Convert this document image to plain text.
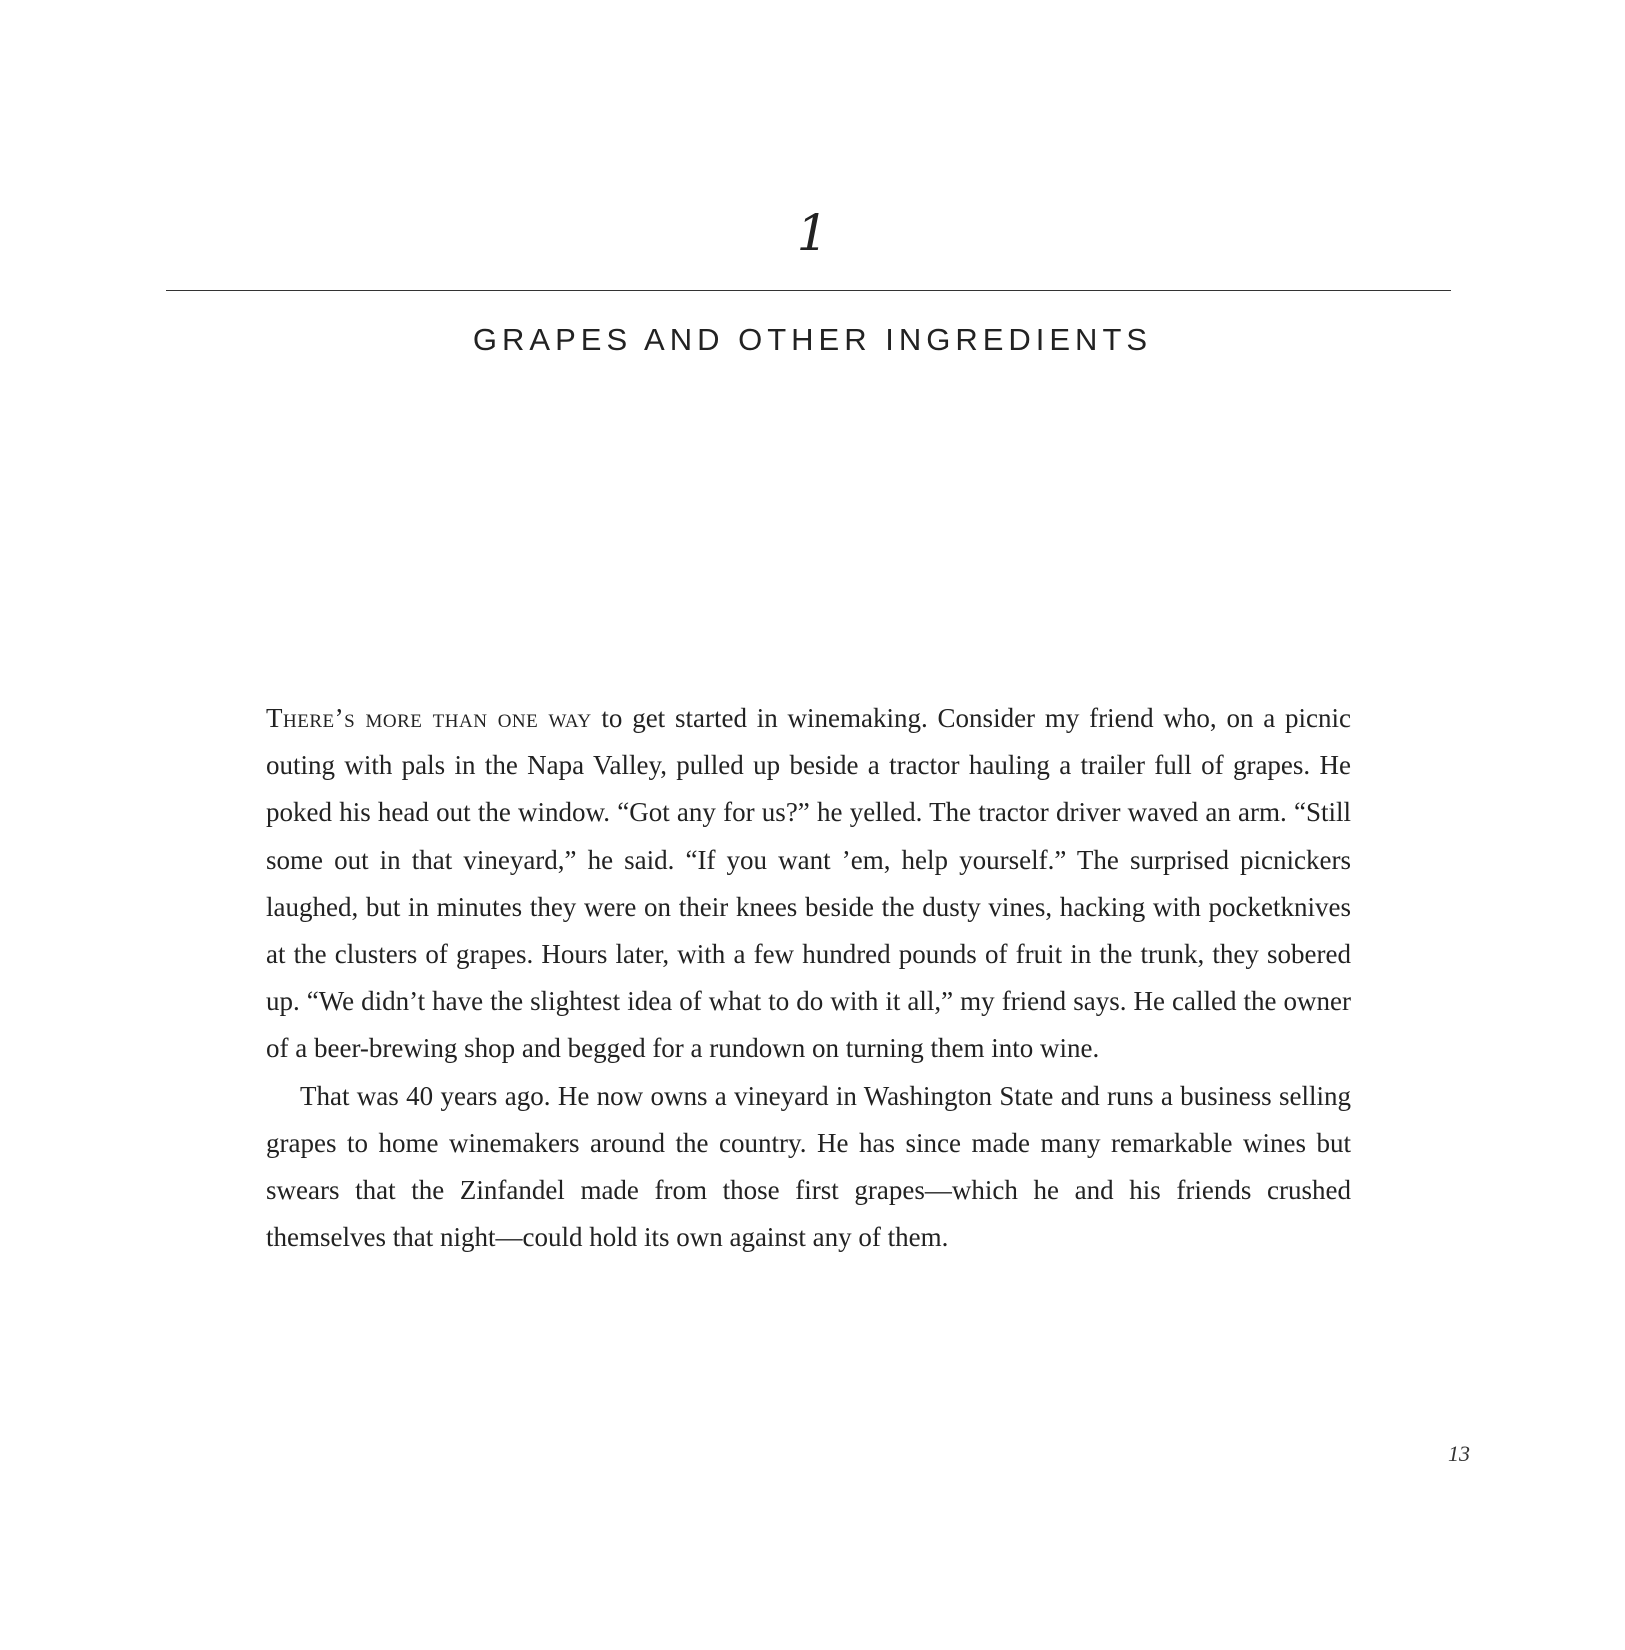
1
GRAPES AND OTHER INGREDIENTS

There’s more than one way to get started in winemaking. Consider my friend who, on a picnic outing with pals in the Napa Valley, pulled up beside a tractor hauling a trailer full of grapes. He poked his head out the window. “Got any for us?” he yelled. The tractor driver waved an arm. “Still some out in that vineyard,” he said. “If you want ’em, help yourself.” The surprised picnickers laughed, but in minutes they were on their knees beside the dusty vines, hacking with pocketknives at the clusters of grapes. Hours later, with a few hundred pounds of fruit in the trunk, they sobered up. “We didn’t have the slightest idea of what to do with it all,” my friend says. He called the owner of a beer-brewing shop and begged for a rundown on turning them into wine.

That was 40 years ago. He now owns a vineyard in Washington State and runs a business selling grapes to home winemakers around the country. He has since made many remarkable wines but swears that the Zinfandel made from those first grapes—which he and his friends crushed themselves that night—could hold its own against any of them.

13
